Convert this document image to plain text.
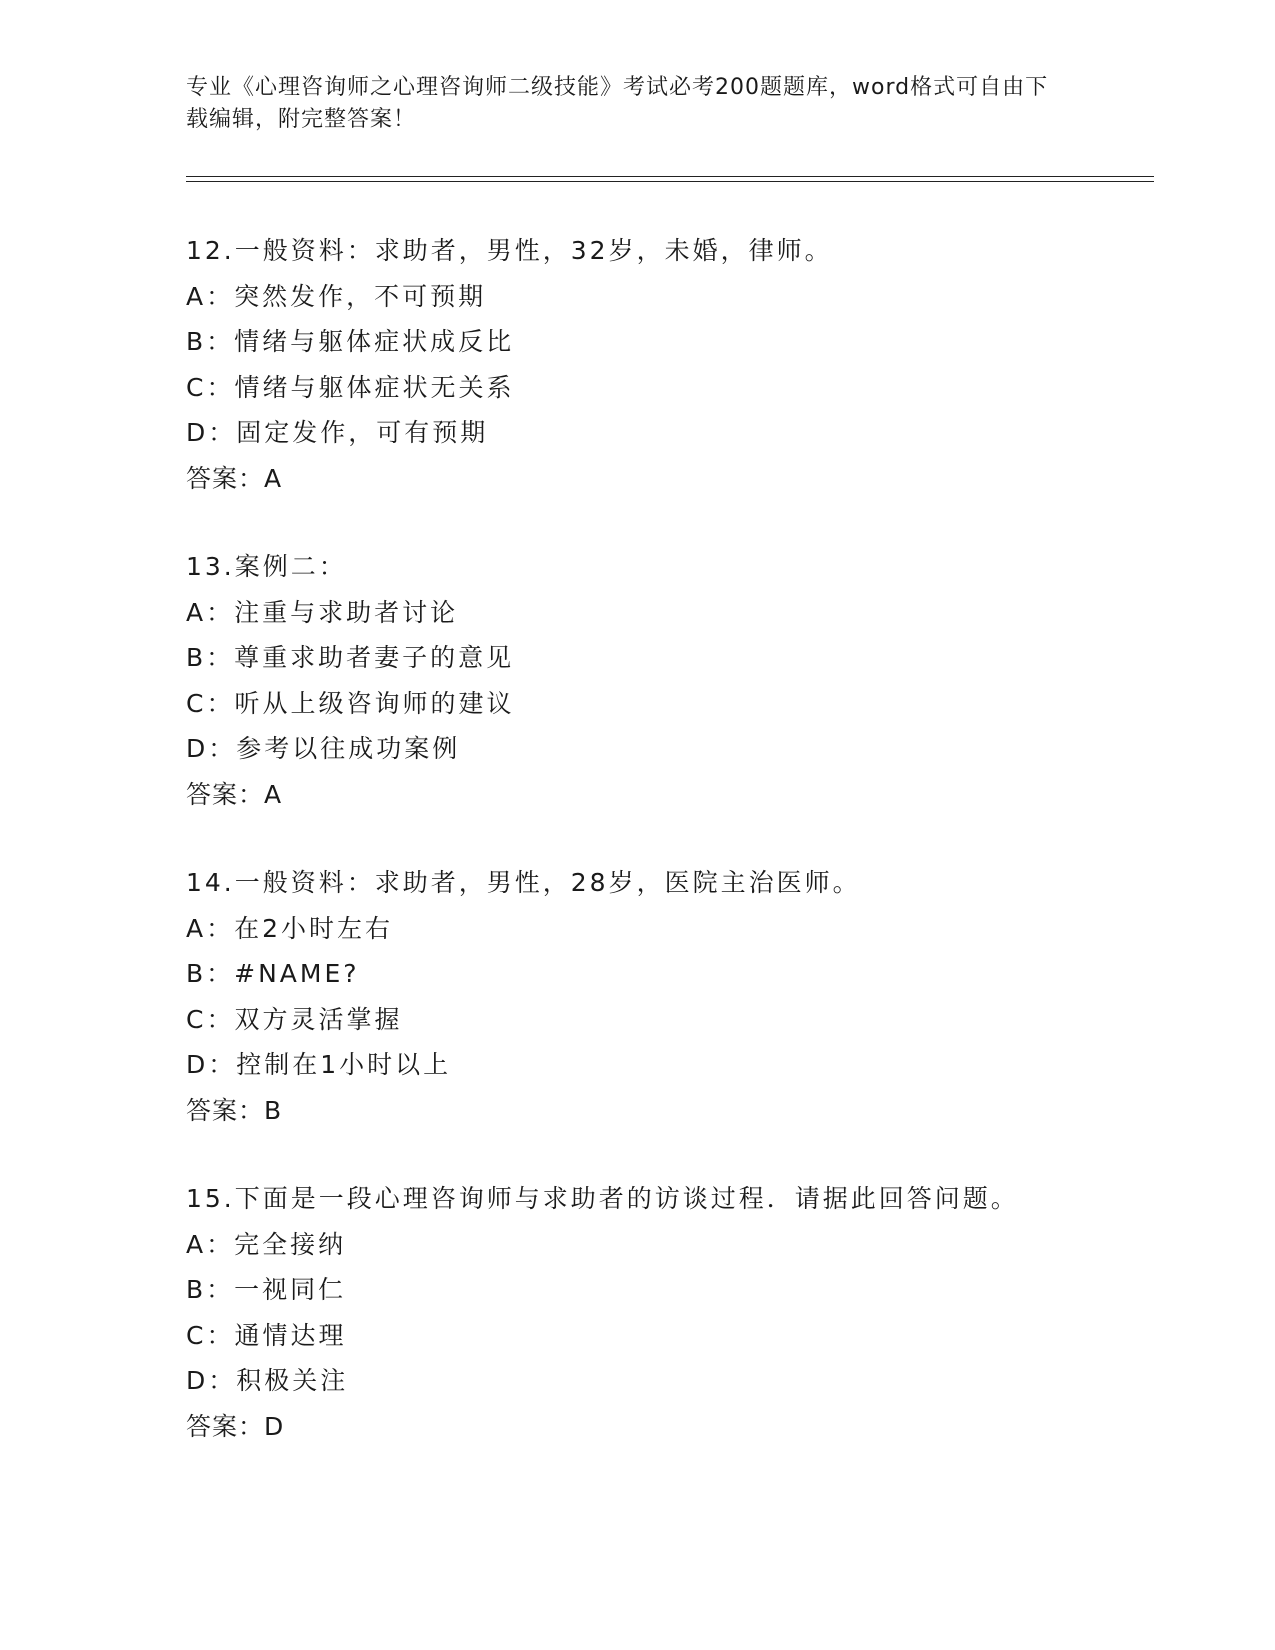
专业《心理咨询师之心理咨询师二级技能》考试必考200题题库，word格式可自由下载编辑，附完整答案！
12.一般资料：求助者，男性，32岁，未婚，律师。
A：突然发作，不可预期
B：情绪与躯体症状成反比
C：情绪与躯体症状无关系
D：固定发作，可有预期
答案：A
13.案例二：
A：注重与求助者讨论
B：尊重求助者妻子的意见
C：听从上级咨询师的建议
D：参考以往成功案例
答案：A
14.一般资料：求助者，男性，28岁，医院主治医师。
A：在2小时左右
B：#NAME?
C：双方灵活掌握
D：控制在1小时以上
答案：B
15.下面是一段心理咨询师与求助者的访谈过程．请据此回答问题。
A：完全接纳
B：一视同仁
C：通情达理
D：积极关注
答案：D
